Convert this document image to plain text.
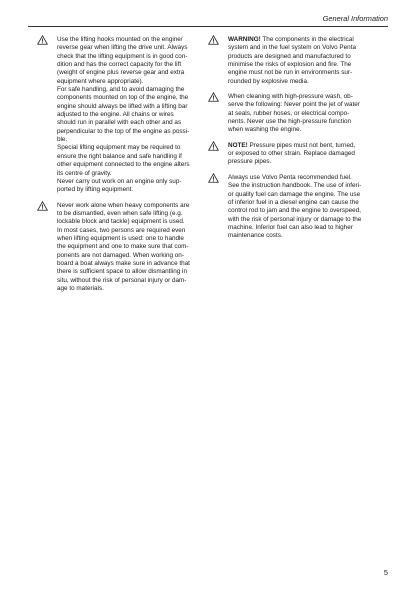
General Information
Use the lifting hooks mounted on the engine/
reverse gear when lifting the drive unit. Always
check that the lifting equipment is in good con-
dition and has the correct capacity for the lift
(weight of engine plus reverse gear and extra
equipment where appropriate).
For safe handling, and to avoid damaging the
components mounted on top of the engine, the
engine should always be lifted with a lifting bar
adjusted to the engine. All chains or wires
should run in parallel with each other and as
perpendicular to the top of the engine as possi-
ble.
Special lifting equipment may be required to
ensure the right balance and safe handling if
other equipment connected to the engine alters
its centre of gravity.
Never carry out work on an engine only sup-
ported by lifting equipment.
Never work alone when heavy components are
to be dismantled, even when safe lifting (e.g.
lockable block and tackle) equipment is used.
In most cases, two persons are required even
when lifting equipment is used: one to handle
the equipment and one to make sure that com-
ponents are not damaged. When working on-
board a boat always make sure in advance that
there is sufficient space to allow dismantling in
situ, without the risk of personal injury or dam-
age to materials.
WARNING! The components in the electrical
system and in the fuel system on Volvo Penta
products are designed and manufactured to
minimise the risks of explosion and fire. The
engine must not be run in environments sur-
rounded by explosive media.
When cleaning with high-pressure wash, ob-
serve the following: Never point the jet of water
at seals, rubber hoses, or electrical compo-
nents. Never use the high-pressure function
when washing the engine.
NOTE! Pressure pipes must not bent, turned,
or exposed to other strain. Replace damaged
pressure pipes.
Always use Volvo Penta recommended fuel.
See the instruction handbook. The use of inferi-
or quality fuel can damage the engine. The use
of inferior fuel in a diesel engine can cause the
control rod to jam and the engine to overspeed,
with the risk of personal injury or damage to the
machine. Inferior fuel can also lead to higher
maintenance costs.
5
